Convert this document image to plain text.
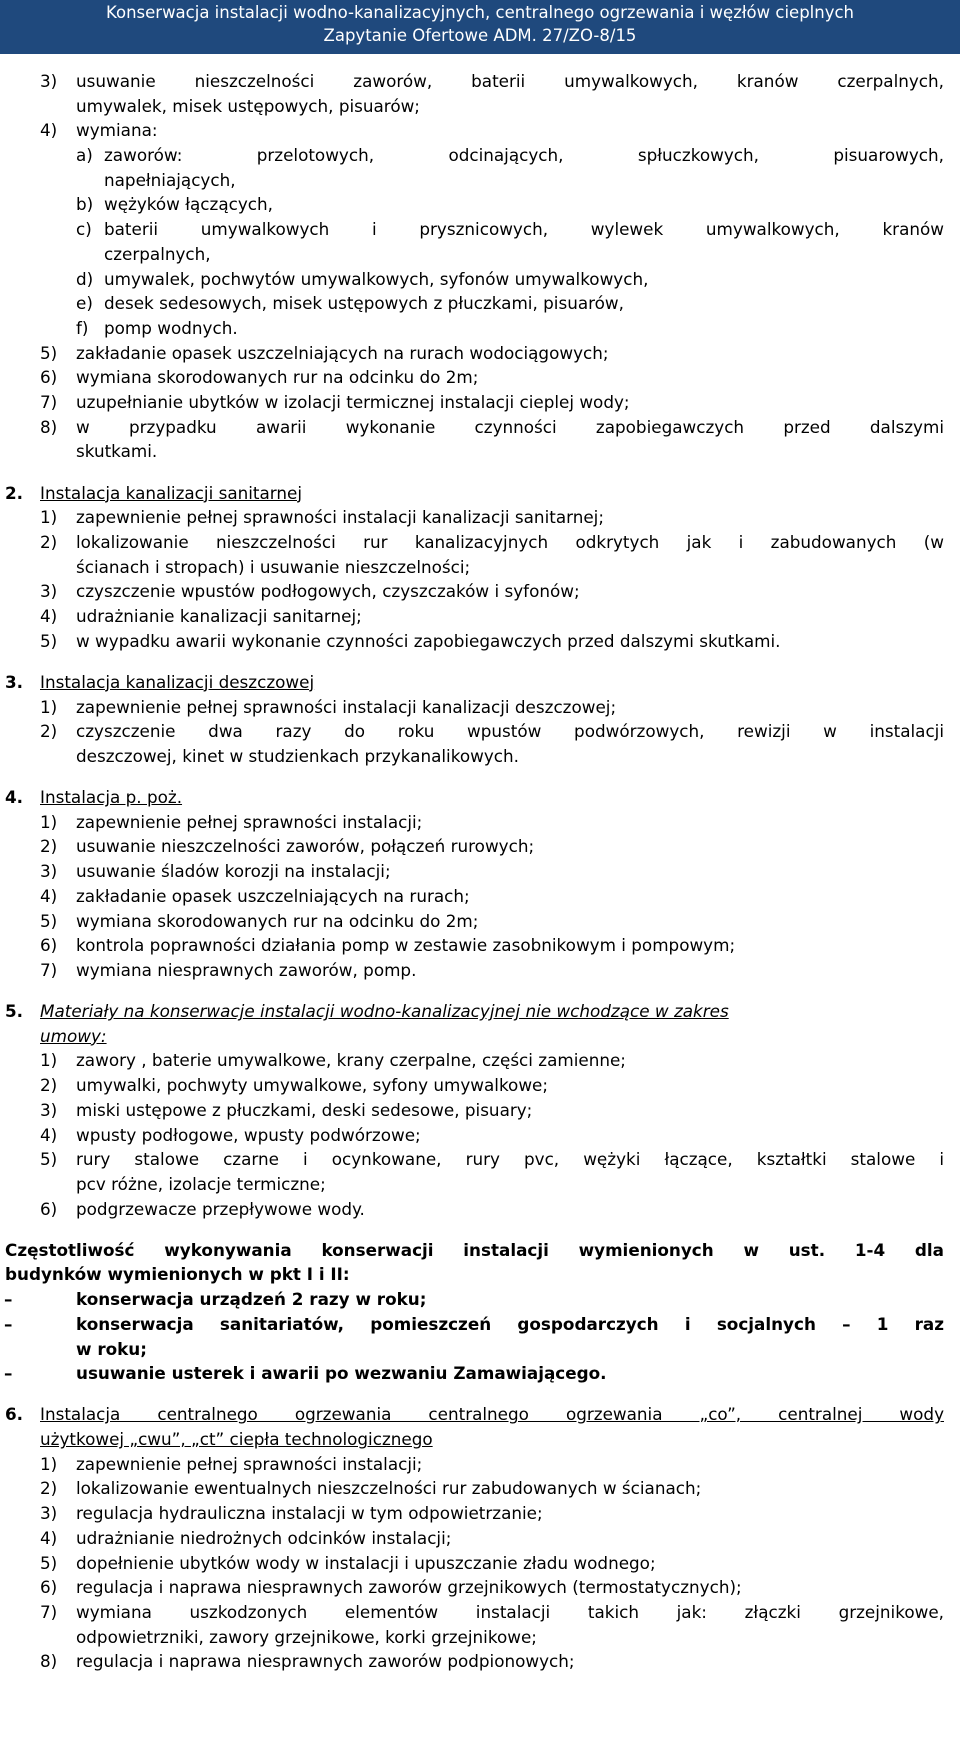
Konserwacja instalacji wodno-kanalizacyjnych, centralnego ogrzewania i węzłów cieplnych
Zapytanie Ofertowe ADM. 27/ZO-8/15
3) usuwanie nieszczelności zaworów, baterii umywalkowych, kranów czerpalnych,
umywalek, misek ustępowych, pisuarów;
4) wymiana:
a) zaworów: przelotowych, odcinających, spłuczkowych, pisuarowych,
napełniających,
b) wężyków łączących,
c) baterii umywalkowych i prysznicowych, wylewek umywalkowych, kranów
czerpalnych,
d) umywalek, pochwytów umywalkowych, syfonów umywalkowych,
e) desek sedesowych, misek ustępowych z płuczkami, pisuarów,
f) pomp wodnych.
5) zakładanie opasek uszczelniających na rurach wodociągowych;
6) wymiana skorodowanych rur na odcinku do 2m;
7) uzupełnianie ubytków w izolacji termicznej instalacji cieplej wody;
8) w przypadku awarii wykonanie czynności zapobiegawczych przed dalszymi
skutkami.
2. Instalacja kanalizacji sanitarnej
1) zapewnienie pełnej sprawności instalacji kanalizacji sanitarnej;
2) lokalizowanie nieszczelności rur kanalizacyjnych odkrytych jak i zabudowanych (w
ścianach i stropach) i usuwanie nieszczelności;
3) czyszczenie wpustów podłogowych, czyszczaków i syfonów;
4) udrażnianie kanalizacji sanitarnej;
5) w wypadku awarii wykonanie czynności zapobiegawczych przed dalszymi skutkami.
3. Instalacja kanalizacji deszczowej
1) zapewnienie pełnej sprawności instalacji kanalizacji deszczowej;
2) czyszczenie dwa razy do roku wpustów podwórzowych, rewizji w instalacji
deszczowej, kinet w studzienkach przykanalikowych.
4. Instalacja p. poż.
1) zapewnienie pełnej sprawności instalacji;
2) usuwanie nieszczelności zaworów, połączeń rurowych;
3) usuwanie śladów korozji na instalacji;
4) zakładanie opasek uszczelniających na rurach;
5) wymiana skorodowanych rur na odcinku do 2m;
6) kontrola poprawności działania pomp w zestawie zasobnikowym i pompowym;
7) wymiana niesprawnych zaworów, pomp.
5. Materiały na konserwacje instalacji wodno-kanalizacyjnej nie wchodzące w zakres
umowy:
1) zawory , baterie umywalkowe, krany czerpalne, części zamienne;
2) umywalki, pochwyty umywalkowe, syfony umywalkowe;
3) miski ustępowe z płuczkami, deski sedesowe, pisuary;
4) wpusty podłogowe, wpusty podwórzowe;
5) rury stalowe czarne i ocynkowane, rury pvc, wężyki łączące, kształtki stalowe i
pcv różne, izolacje termiczne;
6) podgrzewacze przepływowe wody.
Częstotliwość wykonywania konserwacji instalacji wymienionych w ust. 1-4 dla
budynków wymienionych w pkt I i II:
–	konserwacja urządzeń 2 razy w roku;
–	konserwacja sanitariatów, pomieszczeń gospodarczych i socjalnych – 1 raz
w roku;
–	usuwanie usterek i awarii po wezwaniu Zamawiającego.
6. Instalacja centralnego ogrzewania centralnego ogrzewania „co”, centralnej wody
użytkowej „cwu”, „ct” ciepła technologicznego
1) zapewnienie pełnej sprawności instalacji;
2) lokalizowanie ewentualnych nieszczelności rur zabudowanych w ścianach;
3) regulacja hydrauliczna instalacji w tym odpowietrzanie;
4) udrażnianie niedrożnych odcinków instalacji;
5) dopełnienie ubytków wody w instalacji i upuszczanie zładu wodnego;
6) regulacja i naprawa niesprawnych zaworów grzejnikowych (termostatycznych);
7) wymiana uszkodzonych elementów instalacji takich jak: złączki grzejnikowe,
odpowietrzniki, zawory grzejnikowe, korki grzejnikowe;
8) regulacja i naprawa niesprawnych zaworów podpionowych;
